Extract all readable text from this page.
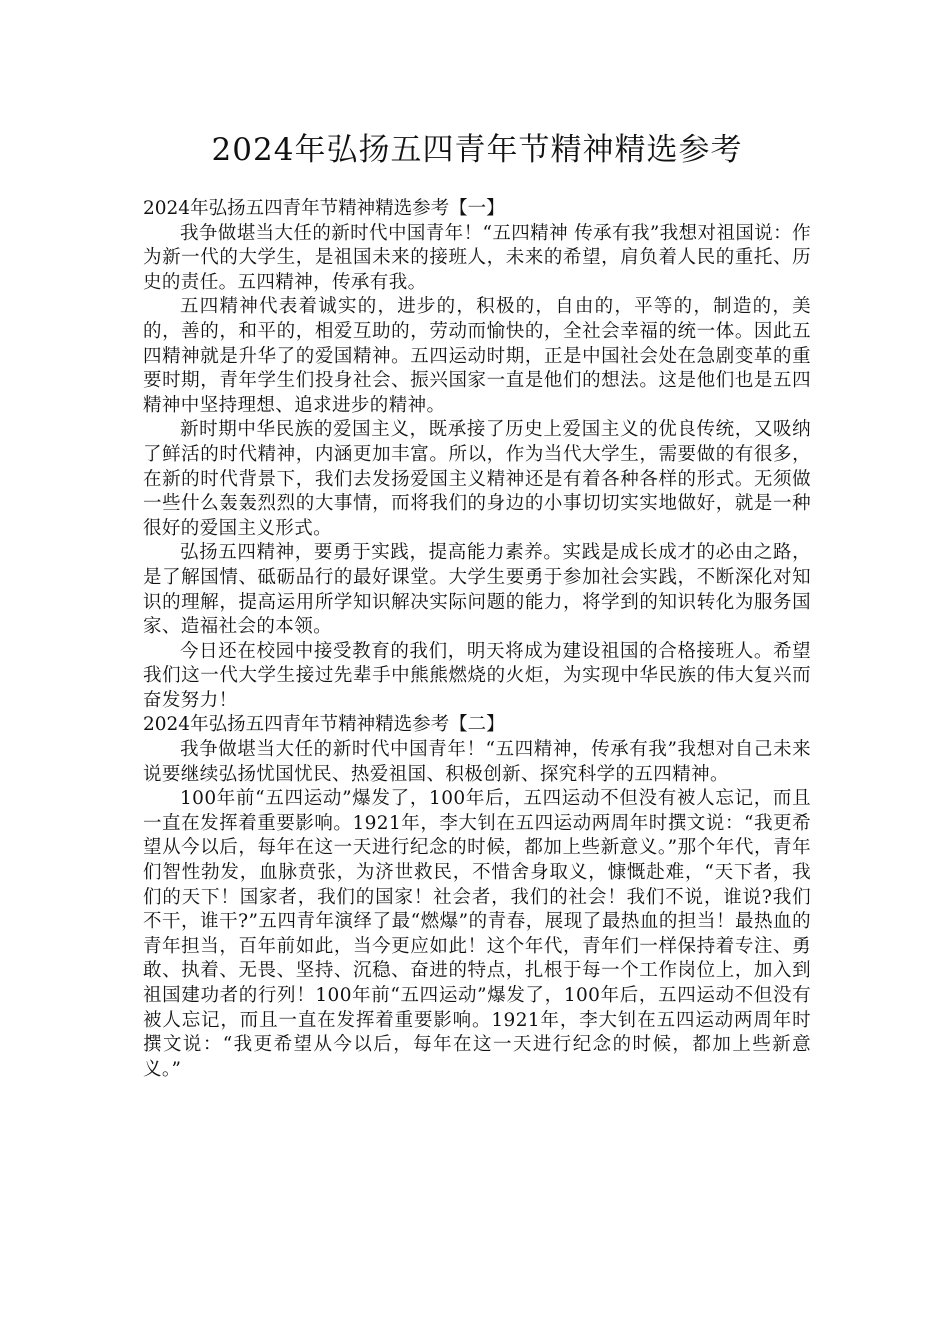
2024年弘扬五四青年节精神精选参考

2024年弘扬五四青年节精神精选参考【一】

我争做堪当大任的新时代中国青年！“五四精神 传承有我”我想对祖国说：作为新一代的大学生，是祖国未来的接班人，未来的希望，肩负着人民的重托、历史的责任。五四精神，传承有我。

五四精神代表着诚实的，进步的，积极的，自由的，平等的，制造的，美的，善的，和平的，相爱互助的，劳动而愉快的，全社会幸福的统一体。因此五四精神就是升华了的爱国精神。五四运动时期，正是中国社会处在急剧变革的重要时期，青年学生们投身社会、振兴国家一直是他们的想法。这是他们也是五四精神中坚持理想、追求进步的精神。

新时期中华民族的爱国主义，既承接了历史上爱国主义的优良传统，又吸纳了鲜活的时代精神，内涵更加丰富。所以，作为当代大学生，需要做的有很多，在新的时代背景下，我们去发扬爱国主义精神还是有着各种各样的形式。无须做一些什么轰轰烈烈的大事情，而将我们的身边的小事切切实实地做好，就是一种很好的爱国主义形式。

弘扬五四精神，要勇于实践，提高能力素养。实践是成长成才的必由之路，是了解国情、砥砺品行的最好课堂。大学生要勇于参加社会实践，不断深化对知识的理解，提高运用所学知识解决实际问题的能力，将学到的知识转化为服务国家、造福社会的本领。

今日还在校园中接受教育的我们，明天将成为建设祖国的合格接班人。希望我们这一代大学生接过先辈手中熊熊燃烧的火炬，为实现中华民族的伟大复兴而奋发努力！

2024年弘扬五四青年节精神精选参考【二】

我争做堪当大任的新时代中国青年！“五四精神，传承有我”我想对自己未来说要继续弘扬忧国忧民、热爱祖国、积极创新、探究科学的五四精神。

100年前“五四运动”爆发了，100年后，五四运动不但没有被人忘记，而且一直在发挥着重要影响。1921年，李大钊在五四运动两周年时撰文说：“我更希望从今以后，每年在这一天进行纪念的时候，都加上些新意义。”那个年代，青年们智性勃发，血脉贲张，为济世救民，不惜舍身取义，慷慨赴难，“天下者，我们的天下！国家者，我们的国家！社会者，我们的社会！我们不说，谁说?我们不干，谁干?”五四青年演绎了最“燃爆”的青春，展现了最热血的担当！最热血的青年担当，百年前如此，当今更应如此！这个年代，青年们一样保持着专注、勇敢、执着、无畏、坚持、沉稳、奋进的特点，扎根于每一个工作岗位上，加入到祖国建功者的行列！100年前“五四运动”爆发了，100年后，五四运动不但没有被人忘记，而且一直在发挥着重要影响。1921年，李大钊在五四运动两周年时撰文说：“我更希望从今以后，每年在这一天进行纪念的时候，都加上些新意义。”
